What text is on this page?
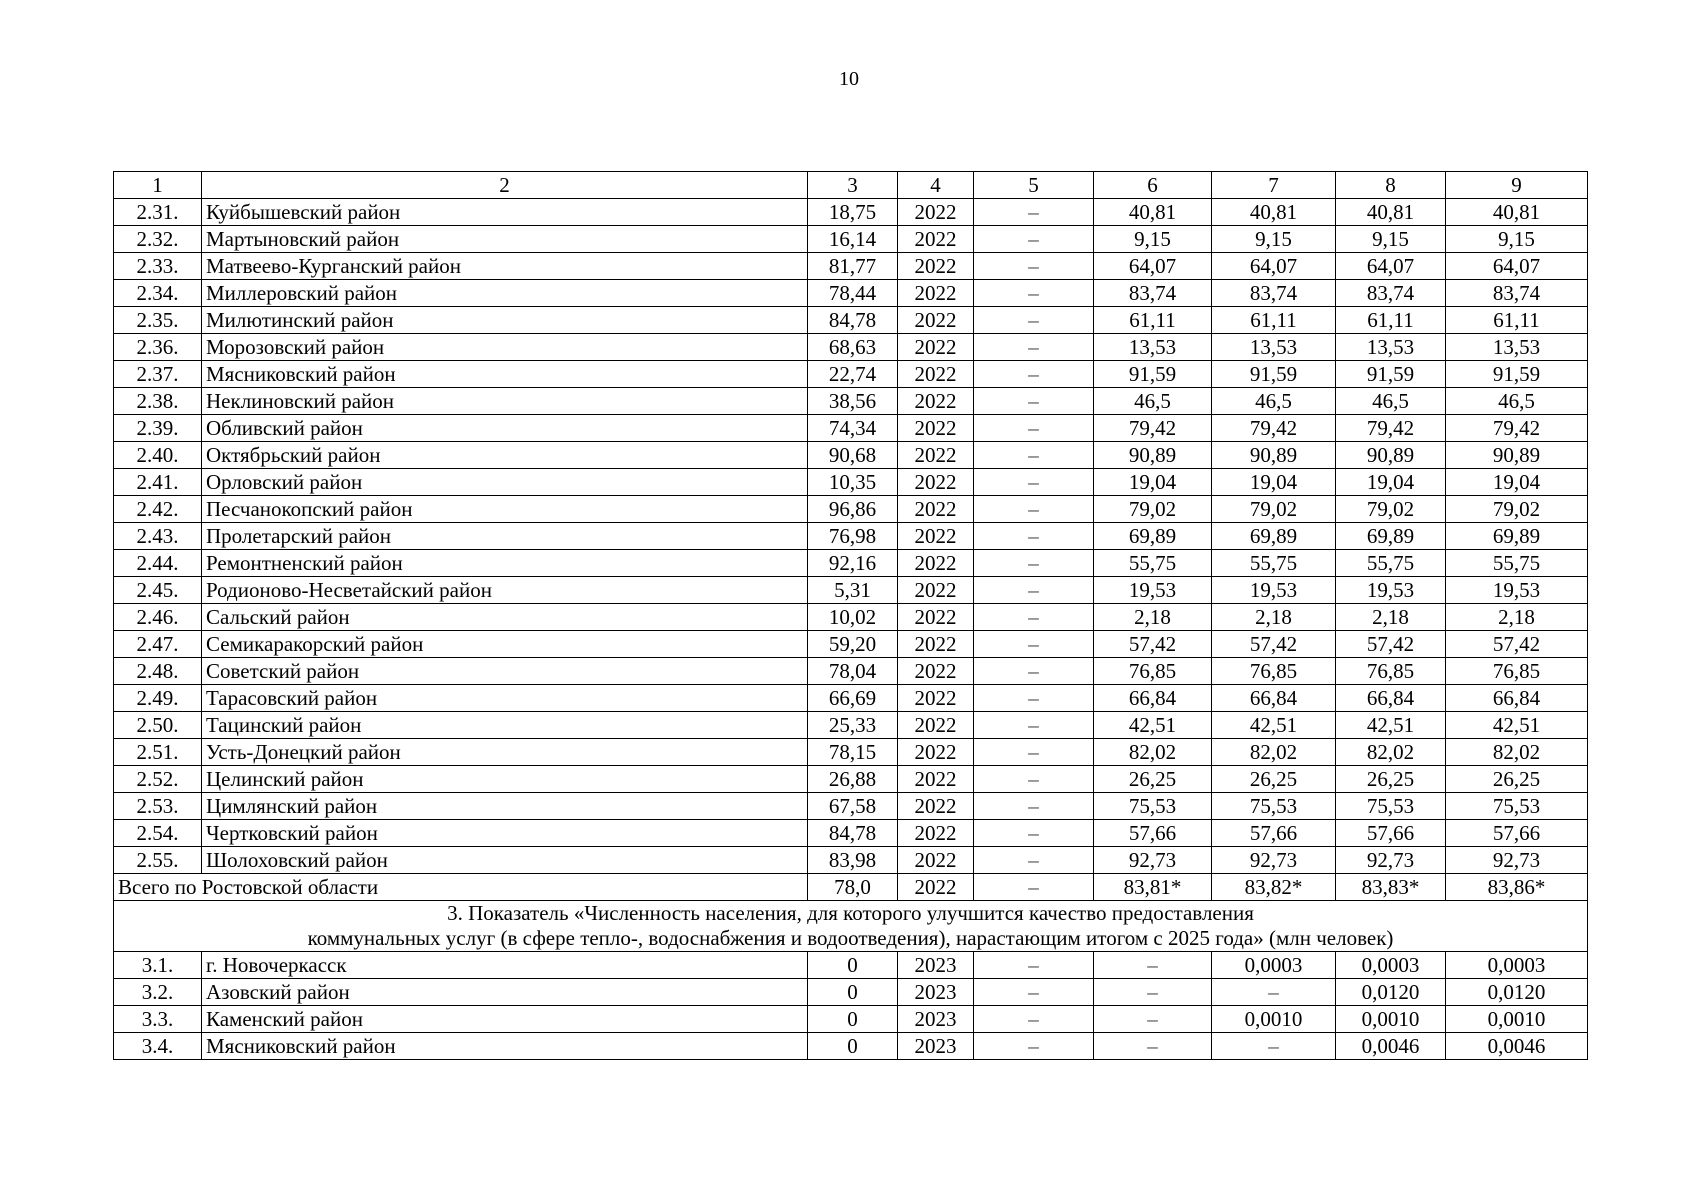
10
1	2	3	4	5	6	7	8	9
2.31.	Куйбышевский район	18,75	2022	–	40,81	40,81	40,81	40,81
2.32.	Мартыновский район	16,14	2022	–	9,15	9,15	9,15	9,15
2.33.	Матвеево-Курганский район	81,77	2022	–	64,07	64,07	64,07	64,07
2.34.	Миллеровский район	78,44	2022	–	83,74	83,74	83,74	83,74
2.35.	Милютинский район	84,78	2022	–	61,11	61,11	61,11	61,11
2.36.	Морозовский район	68,63	2022	–	13,53	13,53	13,53	13,53
2.37.	Мясниковский район	22,74	2022	–	91,59	91,59	91,59	91,59
2.38.	Неклиновский район	38,56	2022	–	46,5	46,5	46,5	46,5
2.39.	Обливский район	74,34	2022	–	79,42	79,42	79,42	79,42
2.40.	Октябрьский район	90,68	2022	–	90,89	90,89	90,89	90,89
2.41.	Орловский район	10,35	2022	–	19,04	19,04	19,04	19,04
2.42.	Песчанокопский район	96,86	2022	–	79,02	79,02	79,02	79,02
2.43.	Пролетарский район	76,98	2022	–	69,89	69,89	69,89	69,89
2.44.	Ремонтненский район	92,16	2022	–	55,75	55,75	55,75	55,75
2.45.	Родионово-Несветайский район	5,31	2022	–	19,53	19,53	19,53	19,53
2.46.	Сальский район	10,02	2022	–	2,18	2,18	2,18	2,18
2.47.	Семикаракорский район	59,20	2022	–	57,42	57,42	57,42	57,42
2.48.	Советский район	78,04	2022	–	76,85	76,85	76,85	76,85
2.49.	Тарасовский район	66,69	2022	–	66,84	66,84	66,84	66,84
2.50.	Тацинский район	25,33	2022	–	42,51	42,51	42,51	42,51
2.51.	Усть-Донецкий район	78,15	2022	–	82,02	82,02	82,02	82,02
2.52.	Целинский район	26,88	2022	–	26,25	26,25	26,25	26,25
2.53.	Цимлянский район	67,58	2022	–	75,53	75,53	75,53	75,53
2.54.	Чертковский район	84,78	2022	–	57,66	57,66	57,66	57,66
2.55.	Шолоховский район	83,98	2022	–	92,73	92,73	92,73	92,73
Всего по Ростовской области		78,0	2022	–	83,81*	83,82*	83,83*	83,86*

3. Показатель «Численность населения, для которого улучшится качество предоставления
коммунальных услуг (в сфере тепло-, водоснабжения и водоотведения), нарастающим итогом с 2025 года» (млн человек)								

3.1.	г. Новочеркасск	0	2023	–	–	0,0003	0,0003	0,0003
3.2.	Азовский район	0	2023	–	–	–	0,0120	0,0120
3.3.	Каменский район	0	2023	–	–	0,0010	0,0010	0,0010
3.4.	Мясниковский район	0	2023	–	–	–	0,0046	0,0046
